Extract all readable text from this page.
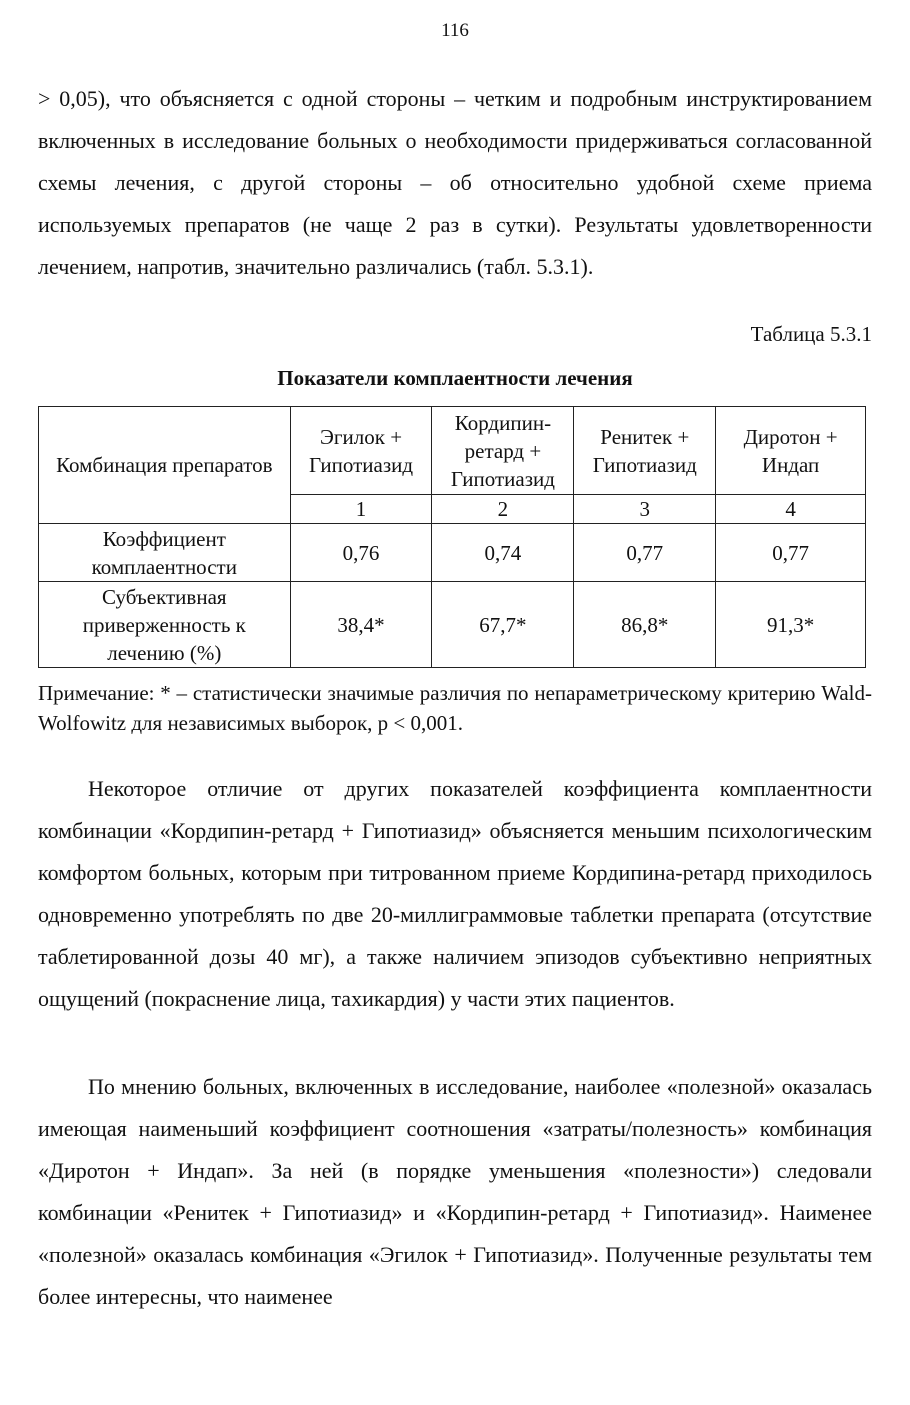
116

> 0,05), что объясняется с одной стороны – четким и подробным инструктированием включенных в исследование больных о необходимости придерживаться согласованной схемы лечения, с другой стороны – об относительно удобной схеме приема используемых препаратов (не чаще 2 раз в сутки). Результаты удовлетворенности лечением, напротив, значительно различались (табл. 5.3.1).

Таблица 5.3.1
Показатели комплаентности лечения
Комбинация препаратов	Эгилок + Гипотиазид	Кордипин-ретард + Гипотиазид	Ренитек + Гипотиазид	Диротон + Индап
	1	2	3	4
Коэффициент комплаентности	0,76	0,74	0,77	0,77
Субъективная приверженность к лечению (%)	38,4*	67,7*	86,8*	91,3*

Примечание: * – статистически значимые различия по непараметрическому критерию Wald-Wolfowitz для независимых выборок, p < 0,001.

Некоторое отличие от других показателей коэффициента комплаентности комбинации «Кордипин-ретард + Гипотиазид» объясняется меньшим психологическим комфортом больных, которым при титрованном приеме Кордипина-ретард приходилось одновременно употреблять по две 20-миллиграммовые таблетки препарата (отсутствие таблетированной дозы 40 мг), а также наличием эпизодов субъективно неприятных ощущений (покраснение лица, тахикардия) у части этих пациентов.

По мнению больных, включенных в исследование, наиболее «полезной» оказалась имеющая наименьший коэффициент соотношения «затраты/полезность» комбинация «Диротон + Индап». За ней (в порядке уменьшения «полезности») следовали комбинации «Ренитек + Гипотиазид» и «Кордипин-ретард + Гипотиазид». Наименее «полезной» оказалась комбинация «Эгилок + Гипотиазид». Полученные результаты тем более интересны, что наименее
